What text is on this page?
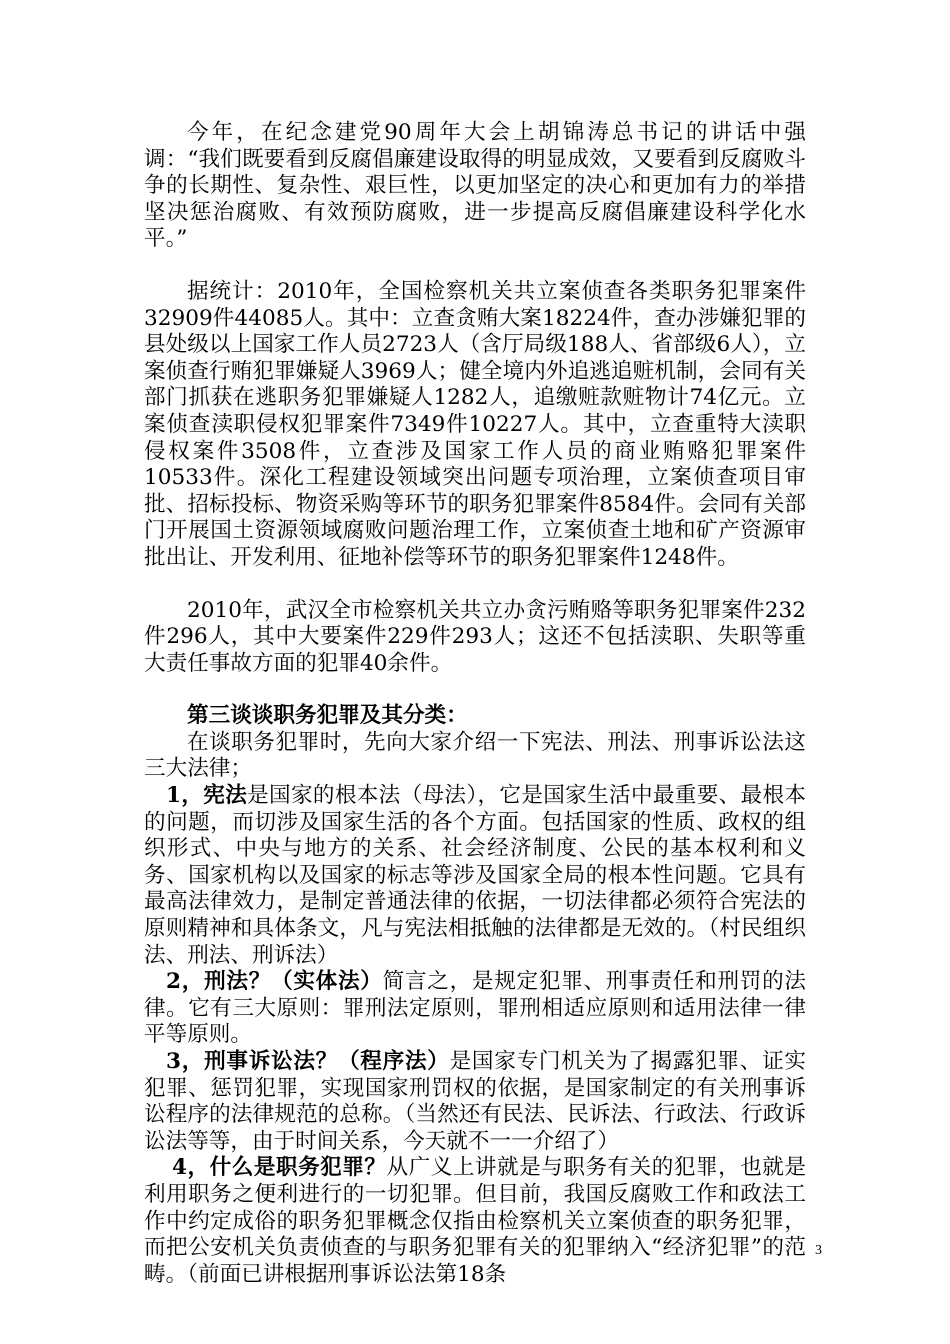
今年，在纪念建党90周年大会上胡锦涛总书记的讲话中强调：“我们既要看到反腐倡廉建设取得的明显成效，又要看到反腐败斗争的长期性、复杂性、艰巨性，以更加坚定的决心和更加有力的举措坚决惩治腐败、有效预防腐败，进一步提高反腐倡廉建设科学化水平。”

据统计：2010年，全国检察机关共立案侦查各类职务犯罪案件32909件44085人。其中：立查贪贿大案18224件，查办涉嫌犯罪的县处级以上国家工作人员2723人（含厅局级188人、省部级6人），立案侦查行贿犯罪嫌疑人3969人；健全境内外追逃追赃机制，会同有关部门抓获在逃职务犯罪嫌疑人1282人，追缴赃款赃物计74亿元。立案侦查渎职侵权犯罪案件7349件10227人。其中，立查重特大渎职侵权案件3508件，立查涉及国家工作人员的商业贿赂犯罪案件10533件。深化工程建设领域突出问题专项治理，立案侦查项目审批、招标投标、物资采购等环节的职务犯罪案件8584件。会同有关部门开展国土资源领域腐败问题治理工作，立案侦查土地和矿产资源审批出让、开发利用、征地补偿等环节的职务犯罪案件1248件。

2010年，武汉全市检察机关共立办贪污贿赂等职务犯罪案件232件296人，其中大要案件229件293人；这还不包括渎职、失职等重大责任事故方面的犯罪40余件。

第三谈谈职务犯罪及其分类：

在谈职务犯罪时，先向大家介绍一下宪法、刑法、刑事诉讼法这三大法律；

1，宪法是国家的根本法（母法），它是国家生活中最重要、最根本的问题，而切涉及国家生活的各个方面。包括国家的性质、政权的组织形式、中央与地方的关系、社会经济制度、公民的基本权利和义务、国家机构以及国家的标志等涉及国家全局的根本性问题。它具有最高法律效力，是制定普通法律的依据，一切法律都必须符合宪法的原则精神和具体条文，凡与宪法相抵触的法律都是无效的。（村民组织法、刑法、刑诉法）

2，刑法？（实体法）简言之，是规定犯罪、刑事责任和刑罚的法律。它有三大原则：罪刑法定原则，罪刑相适应原则和适用法律一律平等原则。

3，刑事诉讼法？（程序法）是国家专门机关为了揭露犯罪、证实犯罪、惩罚犯罪，实现国家刑罚权的依据，是国家制定的有关刑事诉讼程序的法律规范的总称。（当然还有民法、民诉法、行政法、行政诉讼法等等，由于时间关系，今天就不一一介绍了）

4，什么是职务犯罪？从广义上讲就是与职务有关的犯罪，也就是利用职务之便利进行的一切犯罪。但目前，我国反腐败工作和政法工作中约定成俗的职务犯罪概念仅指由检察机关立案侦查的职务犯罪，而把公安机关负责侦查的与职务犯罪有关的犯罪纳入“经济犯罪”的范畴。（前面已讲根据刑事诉讼法第18条

3
